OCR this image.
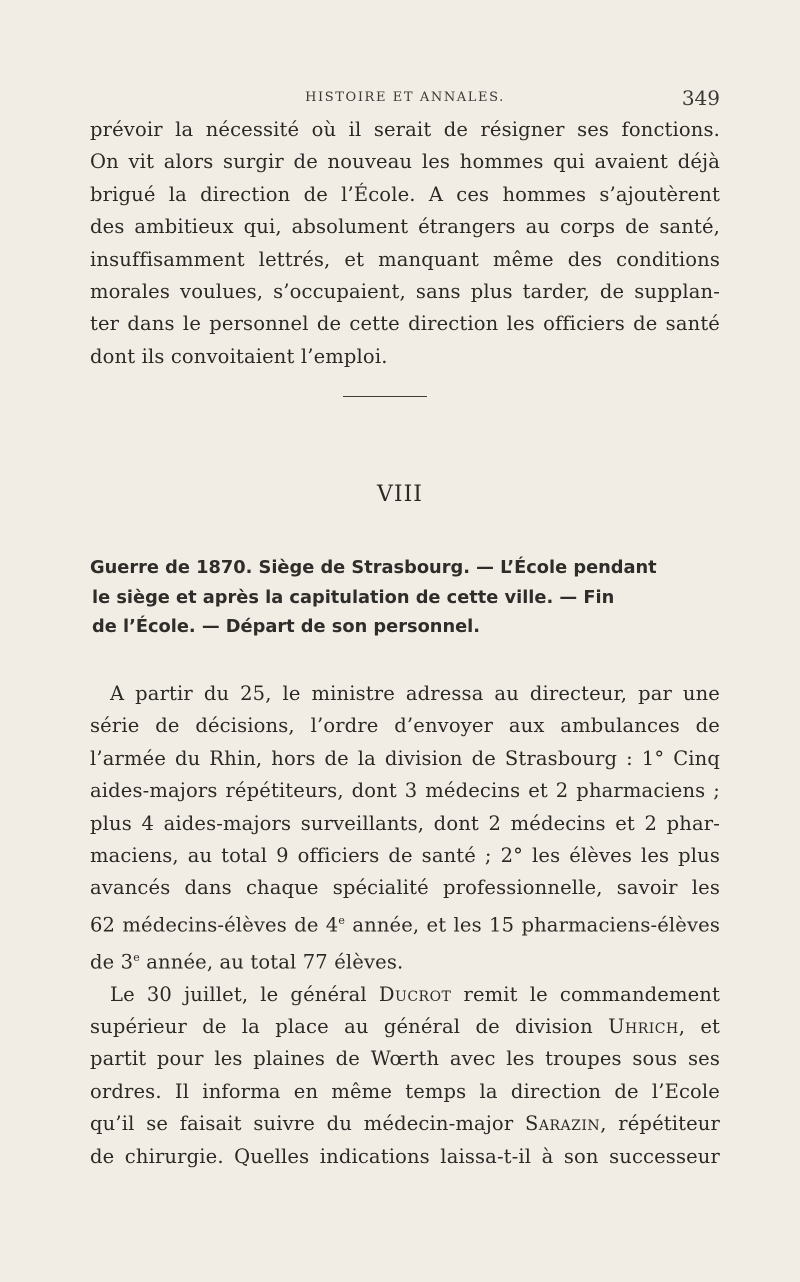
HISTOIRE ET ANNALES.	349

prévoir la nécessité où il serait de résigner ses fonctions.

On vit alors surgir de nouveau les hommes qui avaient déjà

brigué la direction de l’École. A ces hommes s’ajoutèrent

des ambitieux qui, absolument étrangers au corps de santé,

insuffisamment lettrés, et manquant même des conditions

morales voulues, s’occupaient, sans plus tarder, de supplan-

ter dans le personnel de cette direction les officiers de santé

dont ils convoitaient l’emploi.

VIII
Guerre de 1870. Siège de Strasbourg. — L’École pendant
le siège et après la capitulation de cette ville. — Fin
de l’École. — Départ de son personnel.

A partir du 25, le ministre adressa au directeur, par une

série de décisions, l’ordre d’envoyer aux ambulances de

l’armée du Rhin, hors de la division de Strasbourg : 1° Cinq

aides-majors répétiteurs, dont 3 médecins et 2 pharmaciens ;

plus 4 aides-majors surveillants, dont 2 médecins et 2 phar-

maciens, au total 9 officiers de santé ; 2° les élèves les plus

avancés dans chaque spécialité professionnelle, savoir les

62 médecins-élèves de 4e année, et les 15 pharmaciens-élèves

de 3e année, au total 77 élèves.

Le 30 juillet, le général Ducrot remit le commandement

supérieur de la place au général de division Uhrich, et

partit pour les plaines de Wœrth avec les troupes sous ses

ordres. Il informa en même temps la direction de l’Ecole

qu’il se faisait suivre du médecin-major Sarazin, répétiteur

de chirurgie. Quelles indications laissa-t-il à son successeur
